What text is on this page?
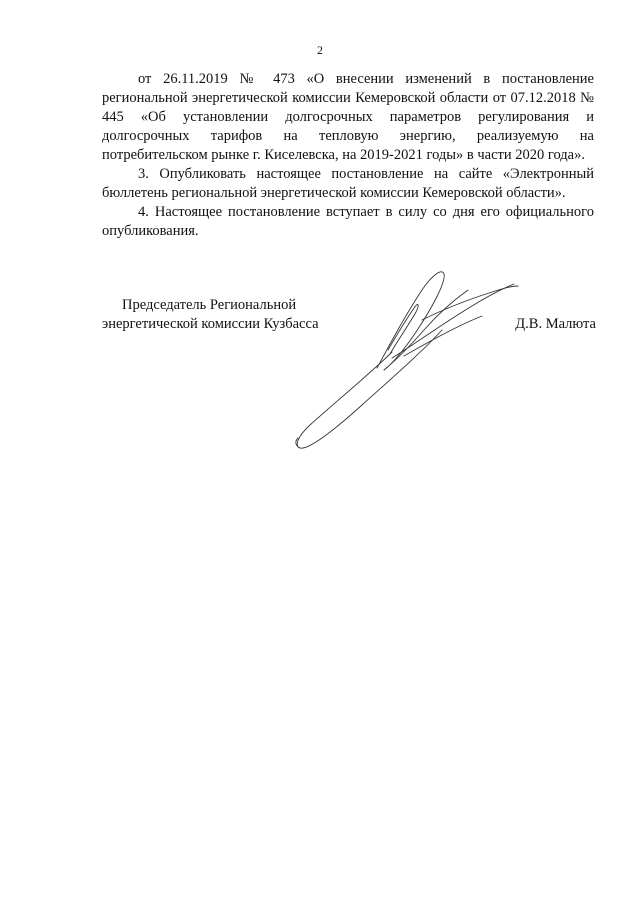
2

от 26.11.2019 № 473 «О внесении изменений в постановление региональной энергетической комиссии Кемеровской области от 07.12.2018 № 445 «Об установлении долгосрочных параметров регулирования и долгосрочных тарифов на тепловую энергию, реализуемую на потребительском рынке г. Киселевска, на 2019-2021 годы» в части 2020 года».

3. Опубликовать настоящее постановление на сайте «Электронный бюллетень региональной энергетической комиссии Кемеровской области».

4. Настоящее постановление вступает в силу со дня его официального опубликования.

Председатель Региональной
энергетической комиссии Кузбасса	Д.В. Малюта
